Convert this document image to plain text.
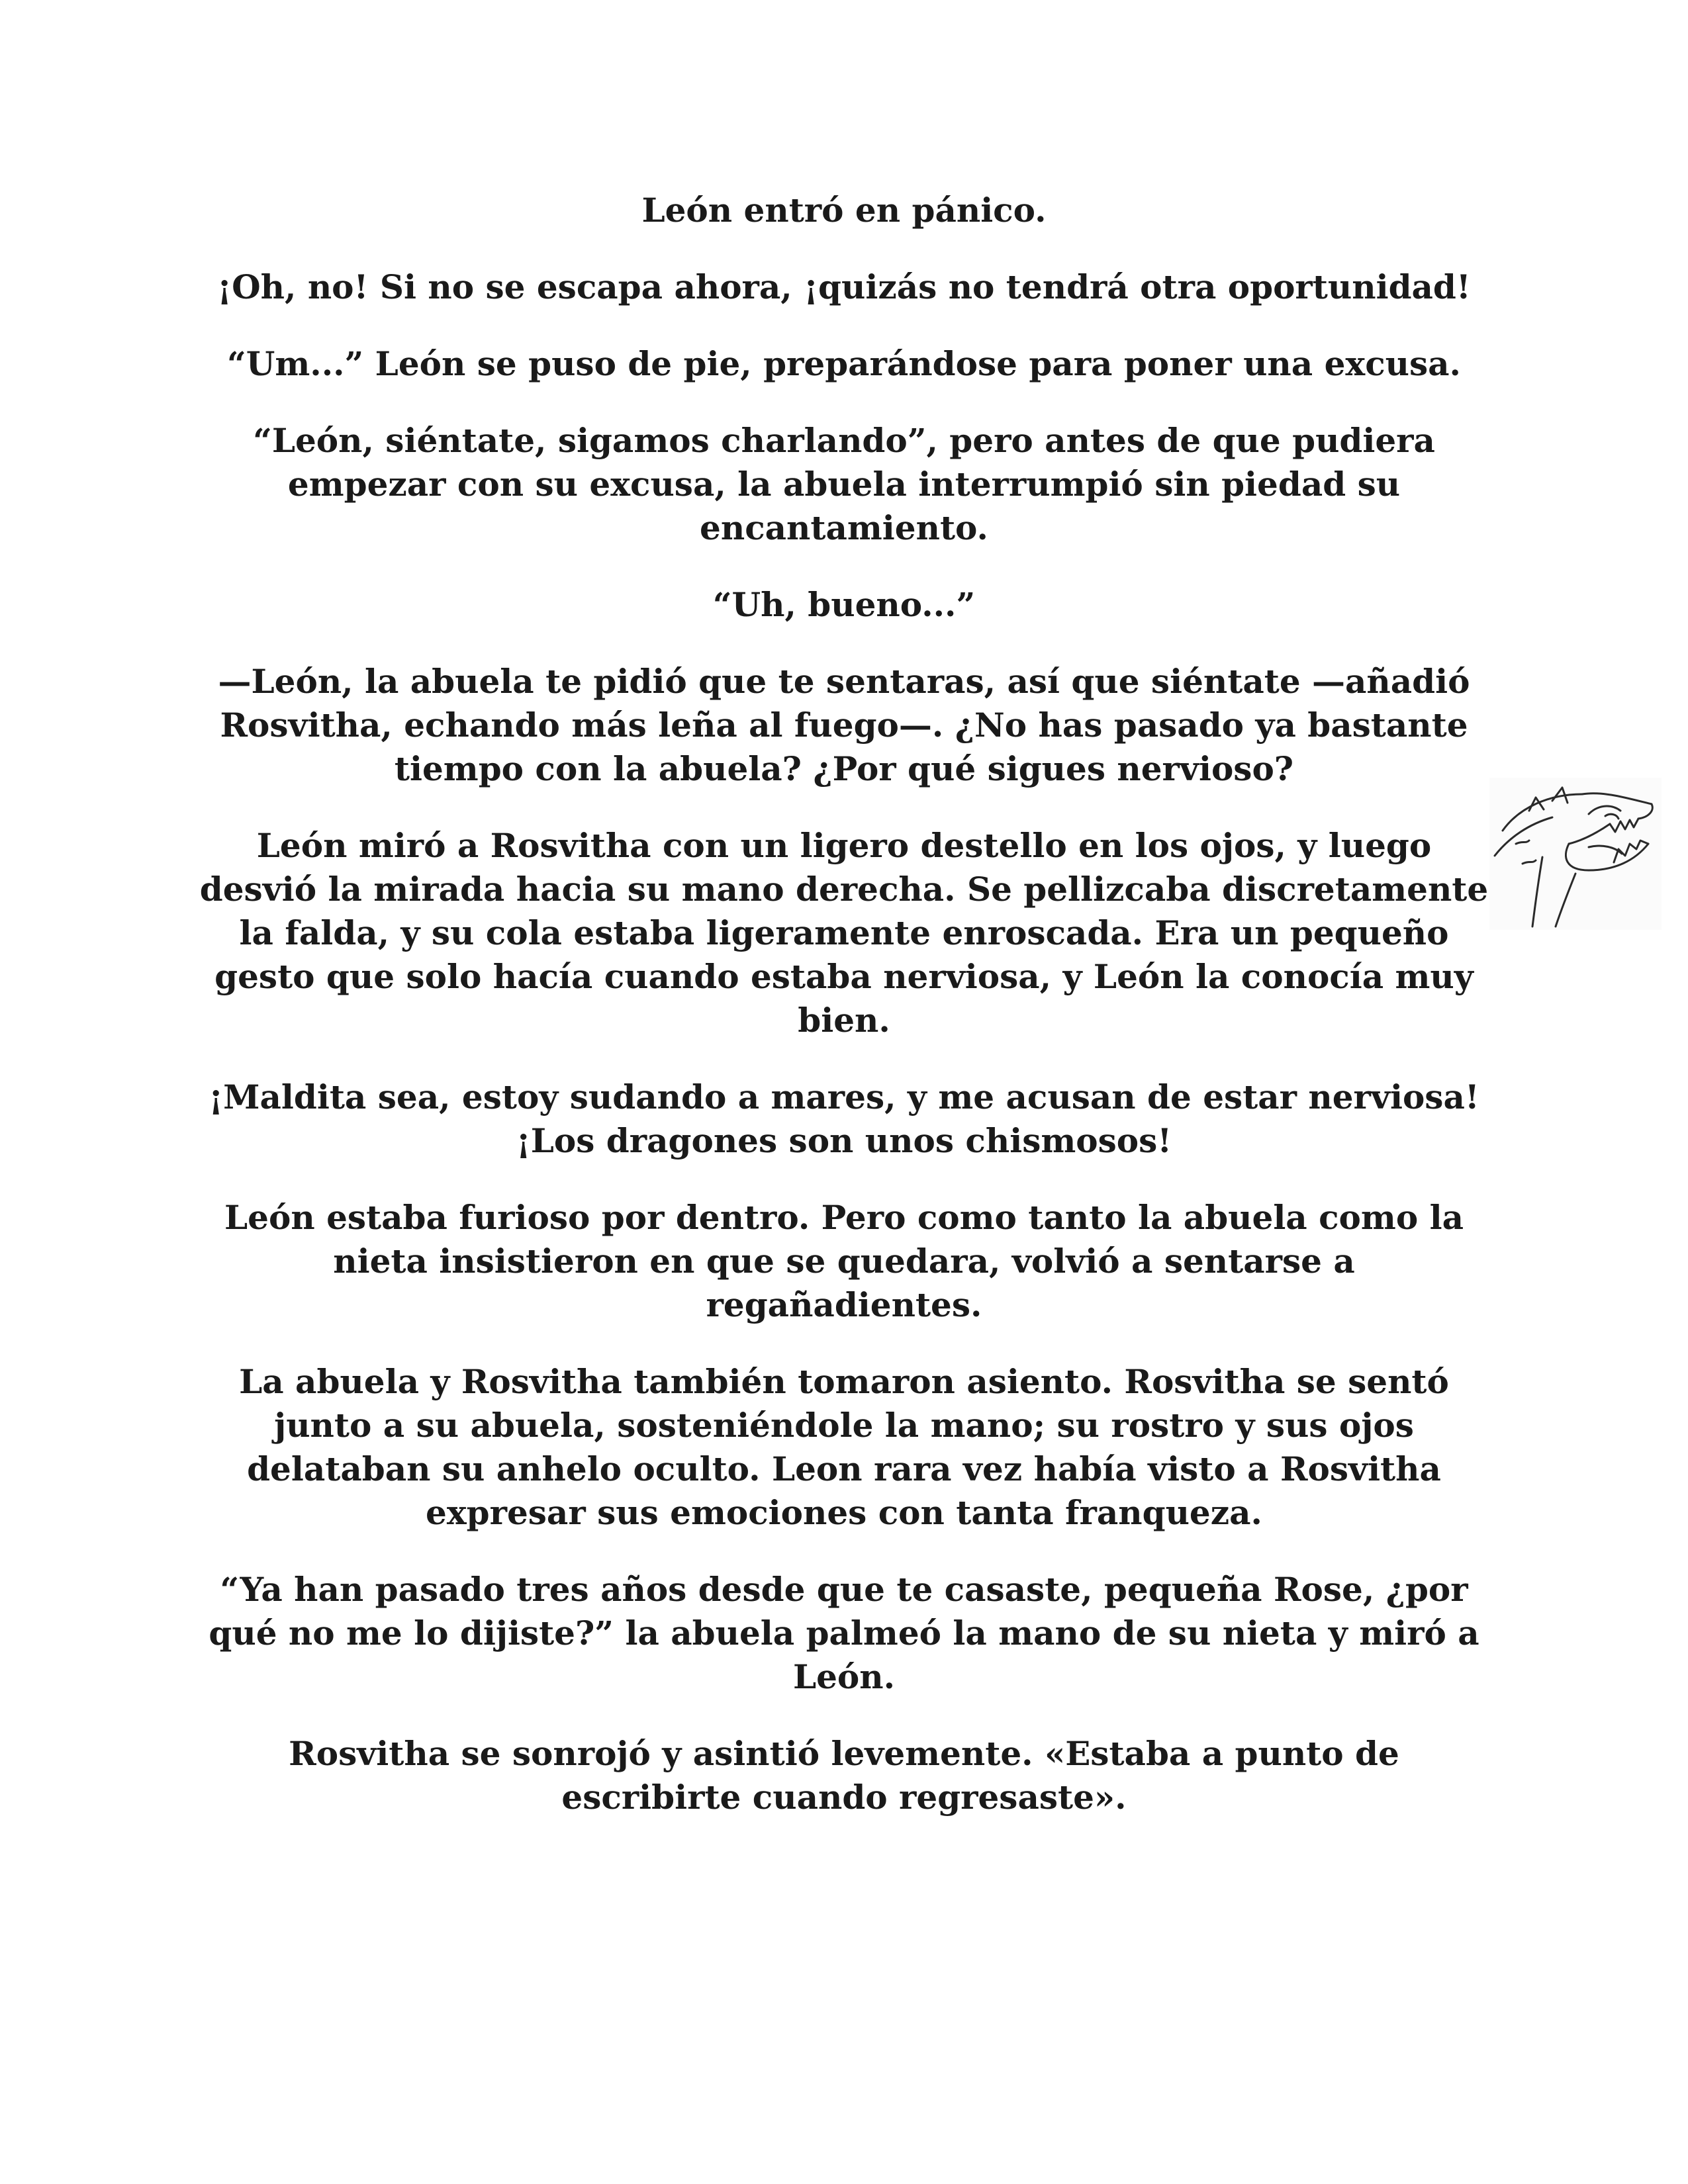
León entró en pánico.

¡Oh, no! Si no se escapa ahora, ¡quizás no tendrá otra oportunidad!

“Um...” León se puso de pie, preparándose para poner una excusa.

“León, siéntate, sigamos charlando”, pero antes de que pudiera empezar con su excusa, la abuela interrumpió sin piedad su encantamiento.

“Uh, bueno...”

—León, la abuela te pidió que te sentaras, así que siéntate —añadió Rosvitha, echando más leña al fuego—. ¿No has pasado ya bastante tiempo con la abuela? ¿Por qué sigues nervioso?

León miró a Rosvitha con un ligero destello en los ojos, y luego desvió la mirada hacia su mano derecha. Se pellizcaba discretamente la falda, y su cola estaba ligeramente enroscada. Era un pequeño gesto que solo hacía cuando estaba nerviosa, y León la conocía muy bien.

¡Maldita sea, estoy sudando a mares, y me acusan de estar nerviosa! ¡Los dragones son unos chismosos!

León estaba furioso por dentro. Pero como tanto la abuela como la nieta insistieron en que se quedara, volvió a sentarse a regañadientes.

La abuela y Rosvitha también tomaron asiento. Rosvitha se sentó junto a su abuela, sosteniéndole la mano; su rostro y sus ojos delataban su anhelo oculto. Leon rara vez había visto a Rosvitha expresar sus emociones con tanta franqueza.

“Ya han pasado tres años desde que te casaste, pequeña Rose, ¿por qué no me lo dijiste?” la abuela palmeó la mano de su nieta y miró a León.

Rosvitha se sonrojó y asintió levemente. «Estaba a punto de escribirte cuando regresaste».
